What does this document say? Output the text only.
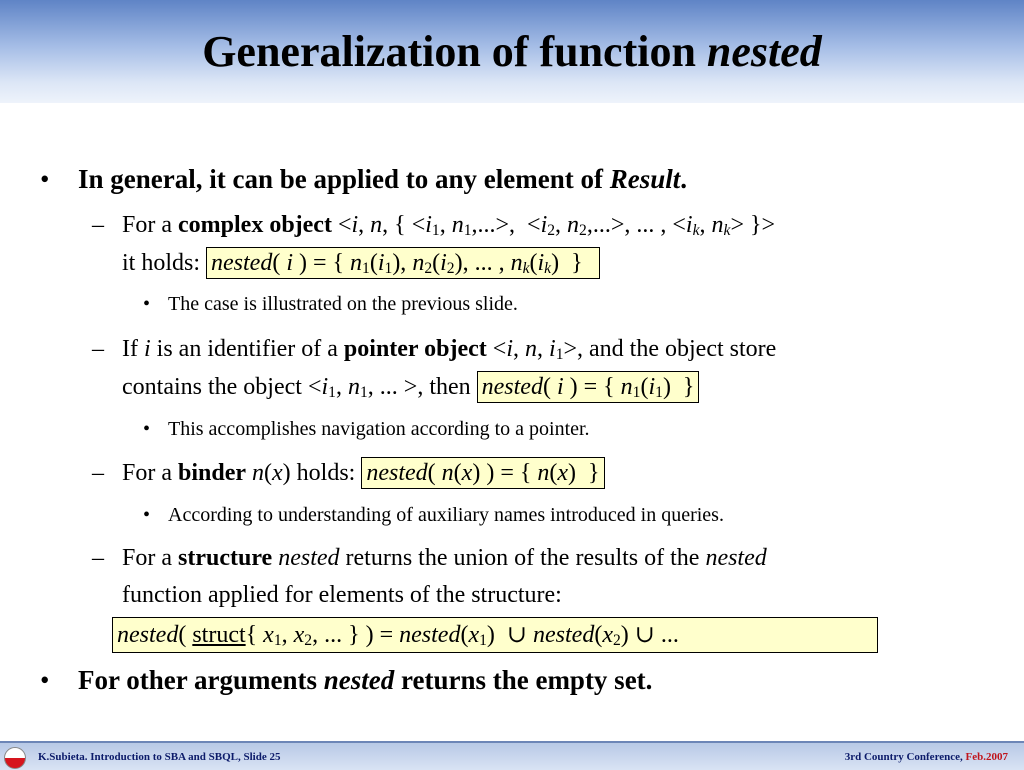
Generalization of function nested
• In general, it can be applied to any element of Result.
– For a complex object <i, n, { $<i_1$, $n_1,...>$,  $<i_2$, $n_2,...>$, ... , $<i_k$, $n_k>$ }>
it holds: nested( i ) = { $n_1(i_1)$, $n_2(i_2)$, ... , $n_k(i_k)$  }
• The case is illustrated on the previous slide.
– If i is an identifier of a pointer object <i, n, $i_1>$, and the object store
contains the object $<i_1$, $n_1$, ... >, then nested( i ) = { $n_1(i_1)$  }
• This accomplishes navigation according to a pointer.
– For a binder n(x) holds: nested( n(x) ) = { n(x)  }
• According to understanding of auxiliary names introduced in queries.
– For a structure nested returns the union of the results of the nested
function applied for elements of the structure:
nested( struct{ $x_1$, $x_2$, ... } ) = $nested(x_1)$  ∪ $nested(x_2)$ ∪ ...
• For other arguments nested returns the empty set.
K.Subieta. Introduction to SBA and SBQL, Slide 25	3rd Country Conference, Feb.2007
